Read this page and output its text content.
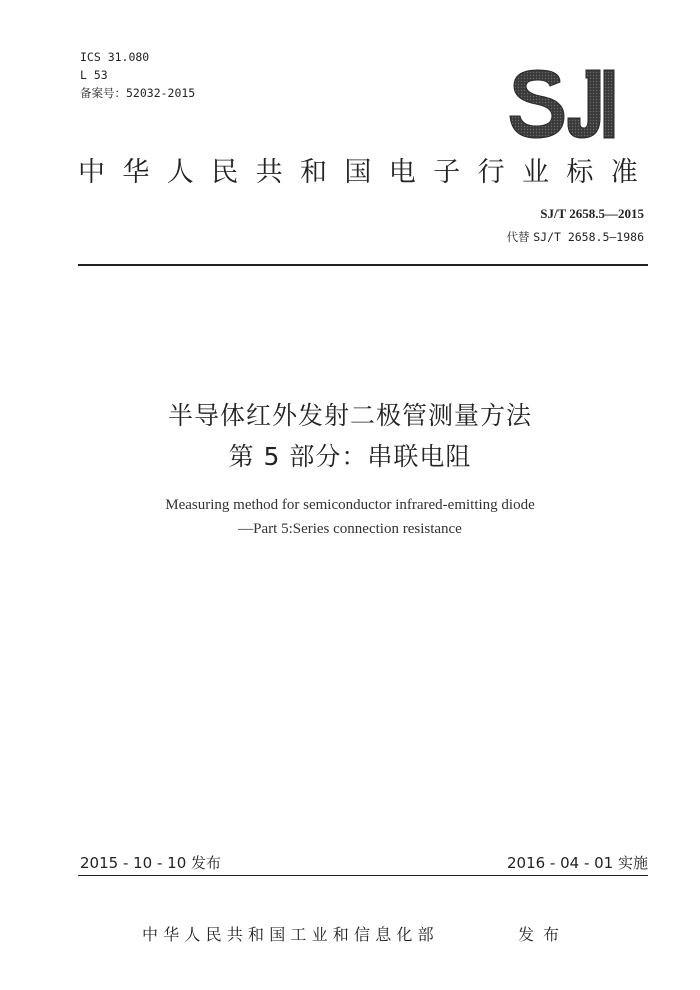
ICS 31.080
L 53
备案号：52032-2015
中华人民共和国电子行业标准
SJ/T 2658.5—2015
代替 SJ/T 2658.5—1986
半导体红外发射二极管测量方法
第 5 部分：串联电阻
Measuring method for semiconductor infrared-emitting diode
—Part 5:Series connection resistance
2015 - 10 - 10 发布	2016 - 04 - 01 实施
中华人民共和国工业和信息化部	发布
